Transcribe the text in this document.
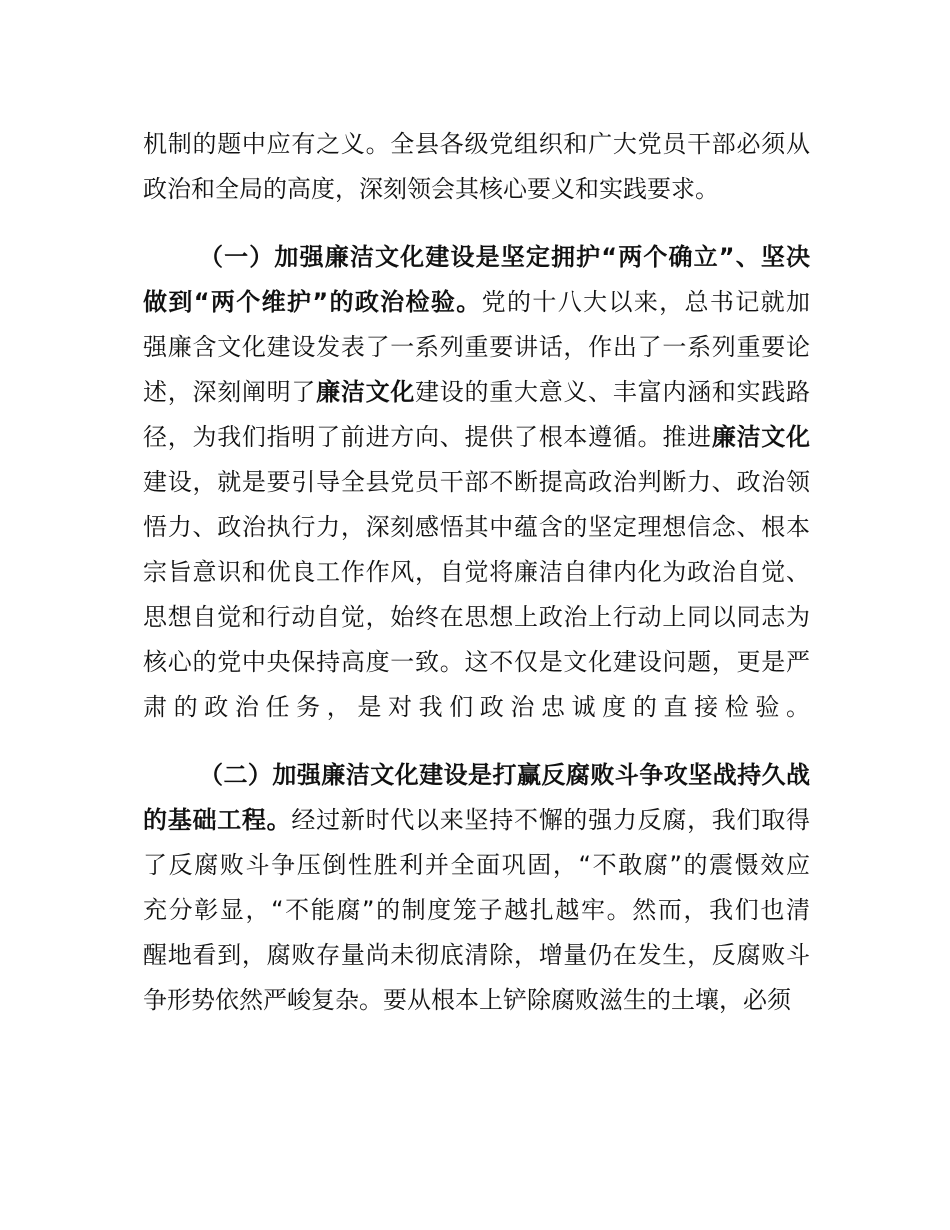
机制的题中应有之义。全县各级党组织和广大党员干部必须从
政治和全局的高度，深刻领会其核心要义和实践要求。
（一）加强廉洁文化建设是坚定拥护“两个确立”、坚决
做到“两个维护”的政治检验。党的十八大以来，总书记就加
强廉含文化建设发表了一系列重要讲话，作出了一系列重要论
述，深刻阐明了廉洁文化建设的重大意义、丰富内涵和实践路
径，为我们指明了前进方向、提供了根本遵循。推进廉洁文化
建设，就是要引导全县党员干部不断提高政治判断力、政治领
悟力、政治执行力，深刻感悟其中蕴含的坚定理想信念、根本
宗旨意识和优良工作作风，自觉将廉洁自律内化为政治自觉、
思想自觉和行动自觉，始终在思想上政治上行动上同以同志为
核心的党中央保持高度一致。这不仅是文化建设问题，更是严
肃的政治任务，是对我们政治忠诚度的直接检验。
（二）加强廉洁文化建设是打赢反腐败斗争攻坚战持久战
的基础工程。经过新时代以来坚持不懈的强力反腐，我们取得
了反腐败斗争压倒性胜利并全面巩固，“不敢腐”的震慑效应
充分彰显，“不能腐”的制度笼子越扎越牢。然而，我们也清
醒地看到，腐败存量尚未彻底清除，增量仍在发生，反腐败斗
争形势依然严峻复杂。要从根本上铲除腐败滋生的土壤，必须
